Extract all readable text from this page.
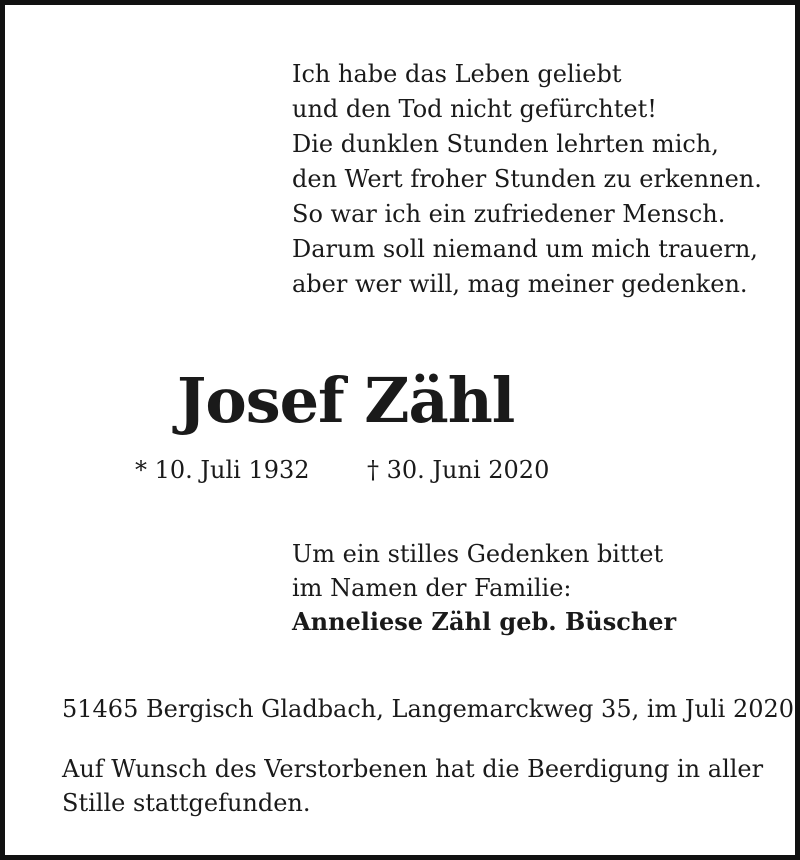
Ich habe das Leben geliebt
und den Tod nicht gefürchtet!
Die dunklen Stunden lehrten mich,
den Wert froher Stunden zu erkennen.
So war ich ein zufriedener Mensch.
Darum soll niemand um mich trauern,
aber wer will, mag meiner gedenken.
Josef Zähl
* 10. Juli 1932 † 30. Juni 2020
Um ein stilles Gedenken bittet
im Namen der Familie:
Anneliese Zähl geb. Büscher
51465 Bergisch Gladbach, Langemarckweg 35, im Juli 2020
Auf Wunsch des Verstorbenen hat die Beerdigung in aller
Stille stattgefunden.
